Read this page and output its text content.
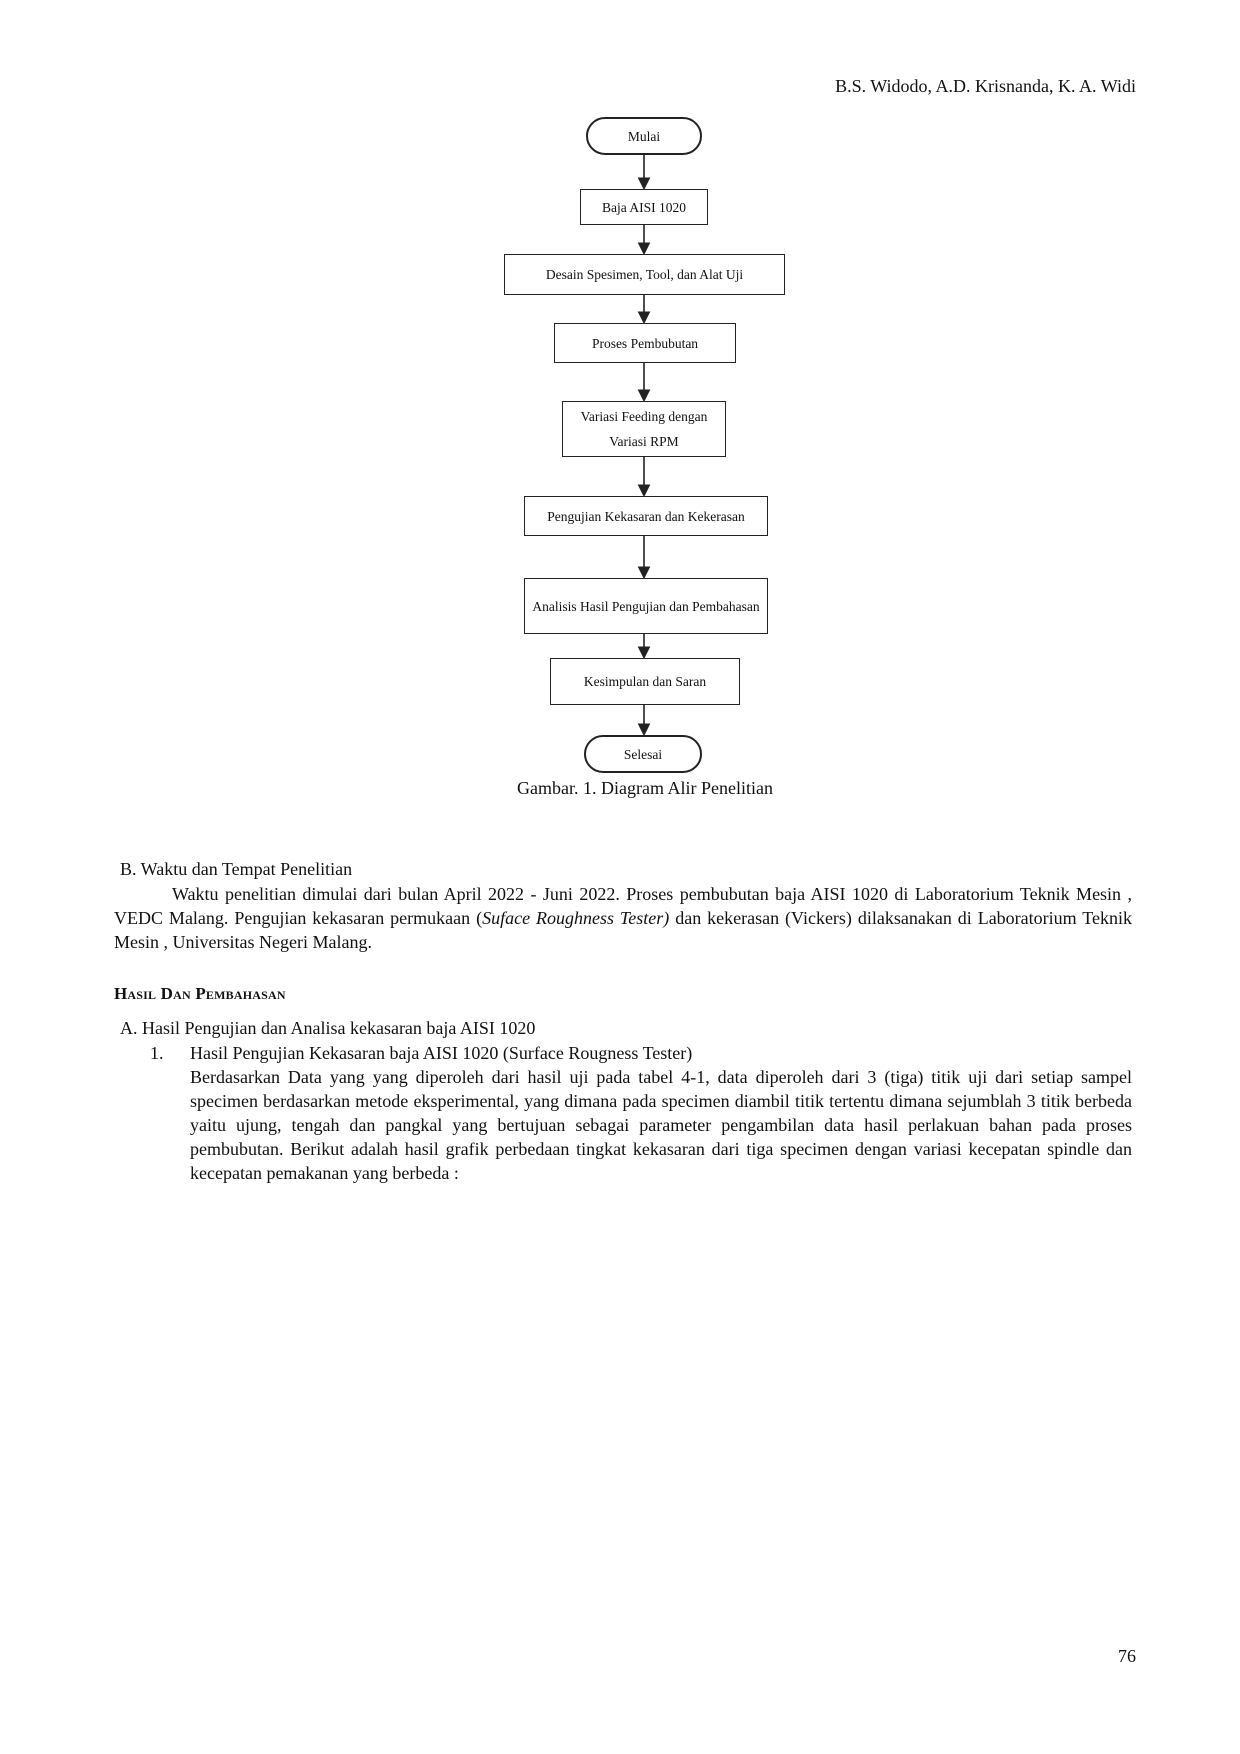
B.S. Widodo, A.D. Krisnanda, K. A. Widi
Mulai
Baja AISI 1020
Desain Spesimen, Tool, dan Alat Uji
Proses Pembubutan
Variasi Feeding dengan Variasi RPM
Pengujian Kekasaran dan Kekerasan
Analisis Hasil Pengujian dan Pembahasan
Kesimpulan dan Saran
Selesai
Gambar. 1. Diagram Alir Penelitian
B. Waktu dan Tempat Penelitian

Waktu penelitian dimulai dari bulan April 2022 - Juni 2022. Proses pembubutan baja AISI 1020 di Laboratorium Teknik Mesin , VEDC Malang. Pengujian kekasaran permukaan (Suface Roughness Tester) dan kekerasan (Vickers) dilaksanakan di Laboratorium Teknik Mesin , Universitas Negeri Malang.

Hasil Dan Pembahasan
A. Hasil Pengujian dan Analisa kekasaran baja AISI 1020
1. Hasil Pengujian Kekasaran baja AISI 1020 (Surface Rougness Tester)

Berdasarkan Data yang yang diperoleh dari hasil uji pada tabel 4-1, data diperoleh dari 3 (tiga) titik uji dari setiap sampel specimen berdasarkan metode eksperimental, yang dimana pada specimen diambil titik tertentu dimana sejumblah 3 titik berbeda yaitu ujung, tengah dan pangkal yang bertujuan sebagai parameter pengambilan data hasil perlakuan bahan pada proses pembubutan. Berikut adalah hasil grafik perbedaan tingkat kekasaran dari tiga specimen dengan variasi kecepatan spindle dan kecepatan pemakanan yang berbeda :

76
